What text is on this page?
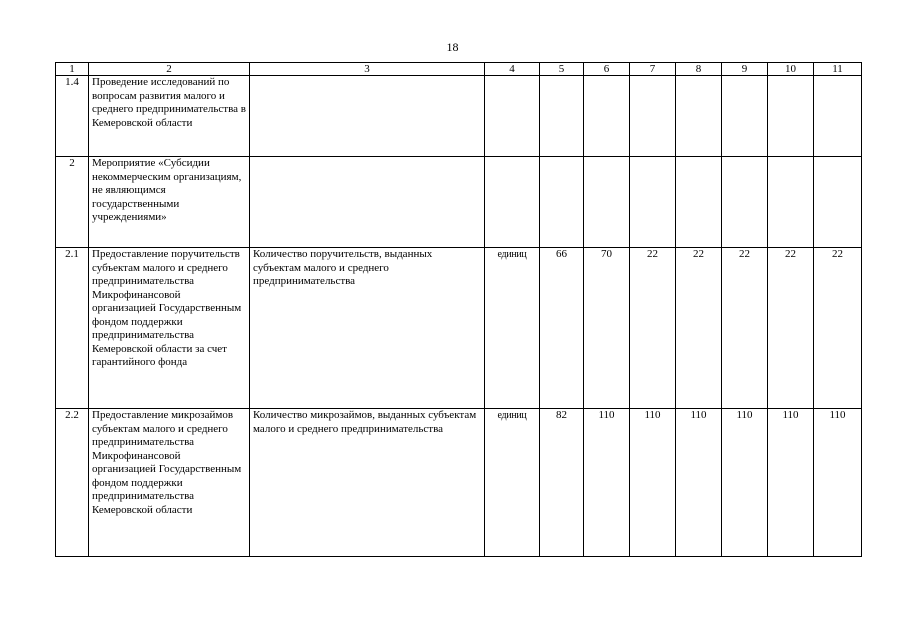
18
1	2	3	4	5	6	7	8	9	10	11
1.4	Проведение исследований по вопросам развития малого и среднего предпринимательства в Кемеровской области									
2	Мероприятие «Субсидии некоммерческим организациям, не являющимся государственными учреждениями»									
2.1	Предоставление поручительств субъектам малого и среднего предпринимательства Микрофинансовой организацией Государственным фондом поддержки предпринимательства Кемеровской области за счет гарантийного фонда	Количество поручительств, выданных субъектам малого и среднего предпринимательства	единиц	66	70	22	22	22	22	22
2.2	Предоставление микрозаймов субъектам малого и среднего предпринимательства Микрофинансовой организацией Государственным фондом поддержки предпринимательства Кемеровской области	Количество микрозаймов, выданных субъектам малого и среднего предпринимательства	единиц	82	110	110	110	110	110	110
